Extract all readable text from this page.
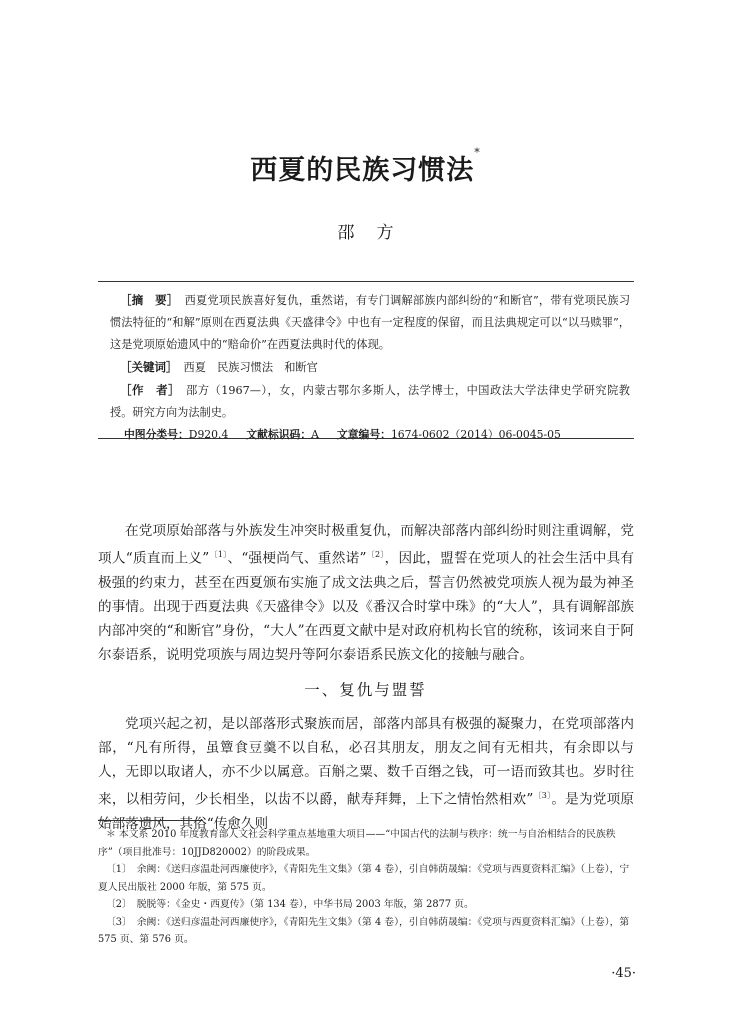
西夏的民族习惯法*
邵方

［摘　要］ 西夏党项民族喜好复仇，重然诺，有专门调解部族内部纠纷的“和断官”，带有党项民族习惯法特征的“和解”原则在西夏法典《天盛律令》中也有一定程度的保留，而且法典规定可以“以马赎罪”，这是党项原始遗风中的“赔命价”在西夏法典时代的体现。

［关键词］ 西夏　民族习惯法　和断官

［作　者］ 邵方（1967—），女，内蒙古鄂尔多斯人，法学博士，中国政法大学法律史学研究院教授。研究方向为法制史。

中图分类号：D920.4 文献标识码：A 文章编号：1674-0602（2014）06-0045-05

在党项原始部落与外族发生冲突时极重复仇，而解决部落内部纠纷时则注重调解，党项人“质直而上义”$^{〔1〕}$、“强梗尚气、重然诺”$^{〔2〕}$，因此，盟誓在党项人的社会生活中具有极强的约束力，甚至在西夏颁布实施了成文法典之后，誓言仍然被党项族人视为最为神圣的事情。出现于西夏法典《天盛律令》以及《番汉合时掌中珠》的“大人”，具有调解部族内部冲突的“和断官”身份，“大人”在西夏文献中是对政府机构长官的统称，该词来自于阿尔泰语系，说明党项族与周边契丹等阿尔泰语系民族文化的接触与融合。

一、复仇与盟誓

党项兴起之初，是以部落形式聚族而居，部落内部具有极强的凝聚力，在党项部落内部，“凡有所得，虽簟食豆羹不以自私，必召其朋友，朋友之间有无相共，有余即以与人，无即以取诸人，亦不少以属意。百斛之粟、数千百缗之钱，可一语而致其也。岁时往来，以相劳问，少长相坐，以齿不以爵，献寿拜舞，上下之情怡然相欢”$^{〔3〕}$。是为党项原始部落遗风，其俗“传愈久则

＊ 本文系 2010 年度教育部人文社会科学重点基地重大项目——“中国古代的法制与秩序：统一与自治相结合的民族秩序”（项目批准号：10JJD820002）的阶段成果。

〔1〕　余阙：《送归彦温赴河西廉使序》，《青阳先生文集》（第 4 卷），引自韩荫晟编：《党项与西夏资料汇编》（上卷），宁夏人民出版社 2000 年版，第 575 页。

〔2〕　脱脱等：《金史・西夏传》（第 134 卷），中华书局 2003 年版，第 2877 页。

〔3〕　余阙：《送归彦温赴河西廉使序》，《青阳先生文集》（第 4 卷），引自韩荫晟编：《党项与西夏资料汇编》（上卷），第 575 页、第 576 页。

·45·
